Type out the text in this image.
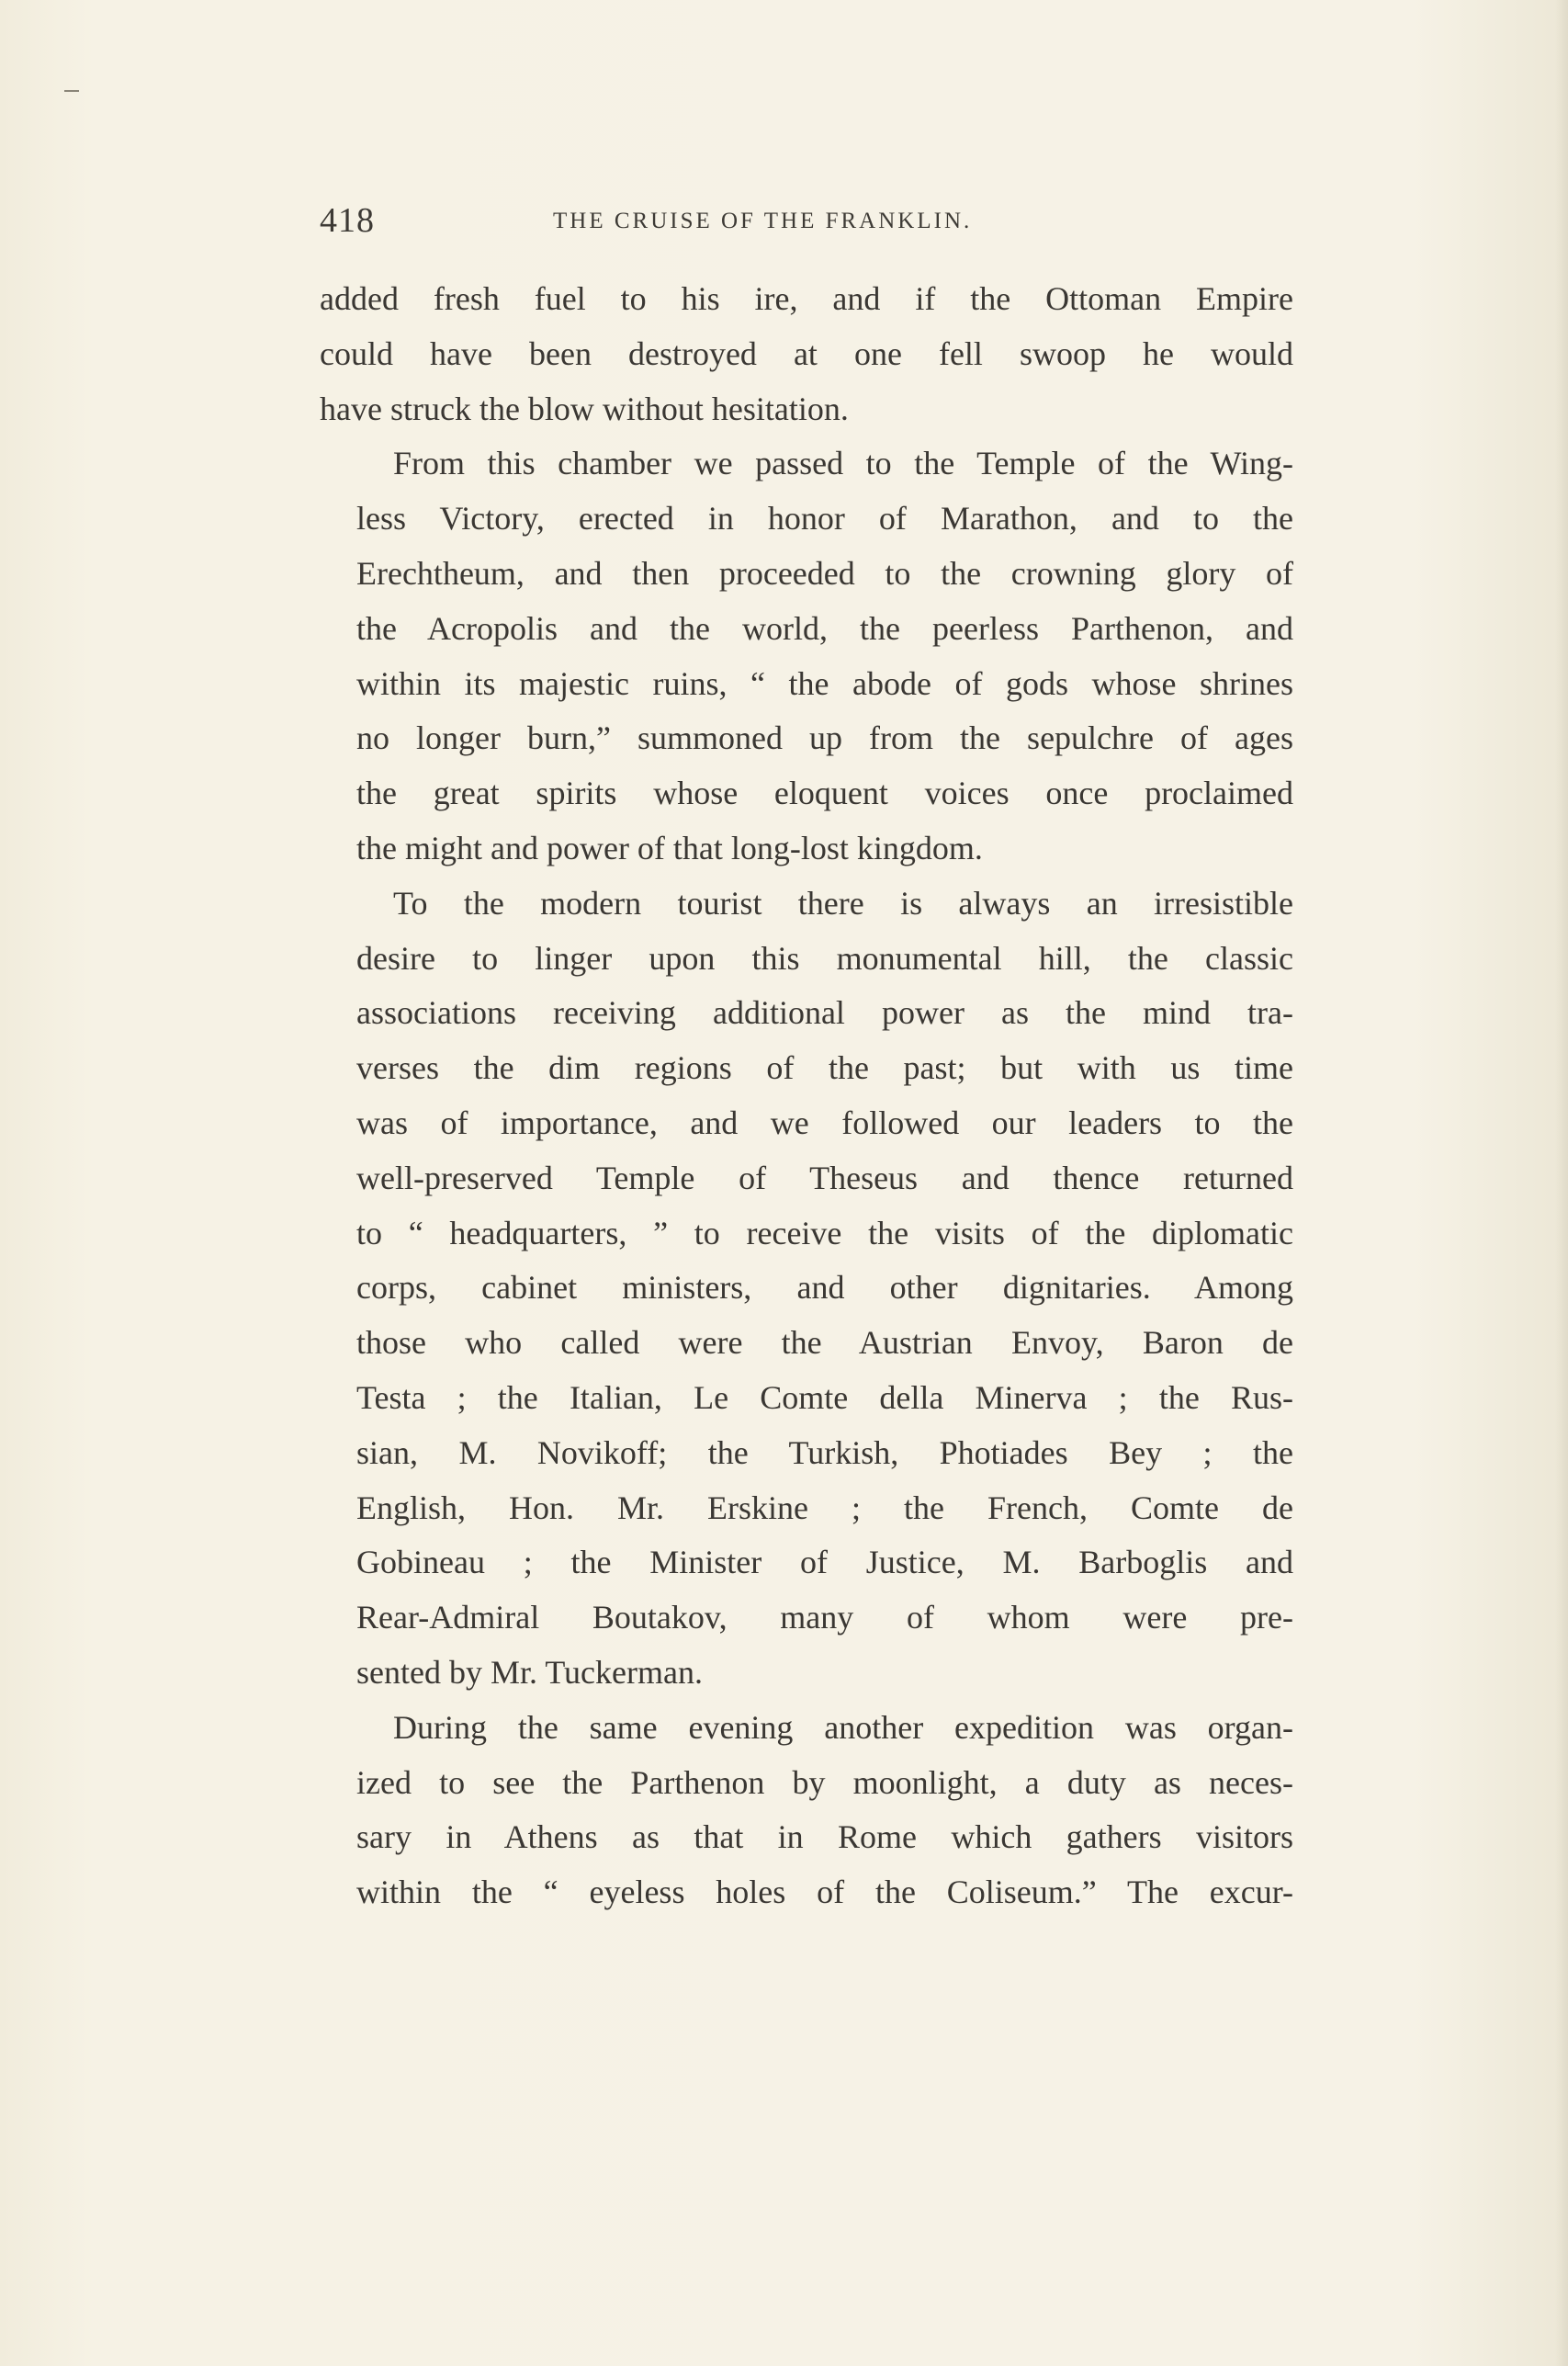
418	THE CRUISE OF THE FRANKLIN.
added fresh fuel to his ire, and if the Ottoman Empire
could have been destroyed at one fell swoop he would
have struck the blow without hesitation.
From this chamber we passed to the Temple of the Wing-
less Victory, erected in honor of Marathon, and to the
Erechtheum, and then proceeded to the crowning glory of
the Acropolis and the world, the peerless Parthenon, and
within its majestic ruins, “ the abode of gods whose shrines
no longer burn,” summoned up from the sepulchre of ages
the great spirits whose eloquent voices once proclaimed
the might and power of that long-lost kingdom.
To the modern tourist there is always an irresistible
desire to linger upon this monumental hill, the classic
associations receiving additional power as the mind tra-
verses the dim regions of the past; but with us time
was of importance, and we followed our leaders to the
well-preserved Temple of Theseus and thence returned
to “ headquarters, ” to receive the visits of the diplomatic
corps, cabinet ministers, and other dignitaries. Among
those who called were the Austrian Envoy, Baron de
Testa ; the Italian, Le Comte della Minerva ; the Rus-
sian, M. Novikoff; the Turkish, Photiades Bey ; the
English, Hon. Mr. Erskine ; the French, Comte de
Gobineau ; the Minister of Justice, M. Barboglis and
Rear-Admiral Boutakov, many of whom were pre-
sented by Mr. Tuckerman.
During the same evening another expedition was organ-
ized to see the Parthenon by moonlight, a duty as neces-
sary in Athens as that in Rome which gathers visitors
within the “ eyeless holes of the Coliseum.” The excur-
